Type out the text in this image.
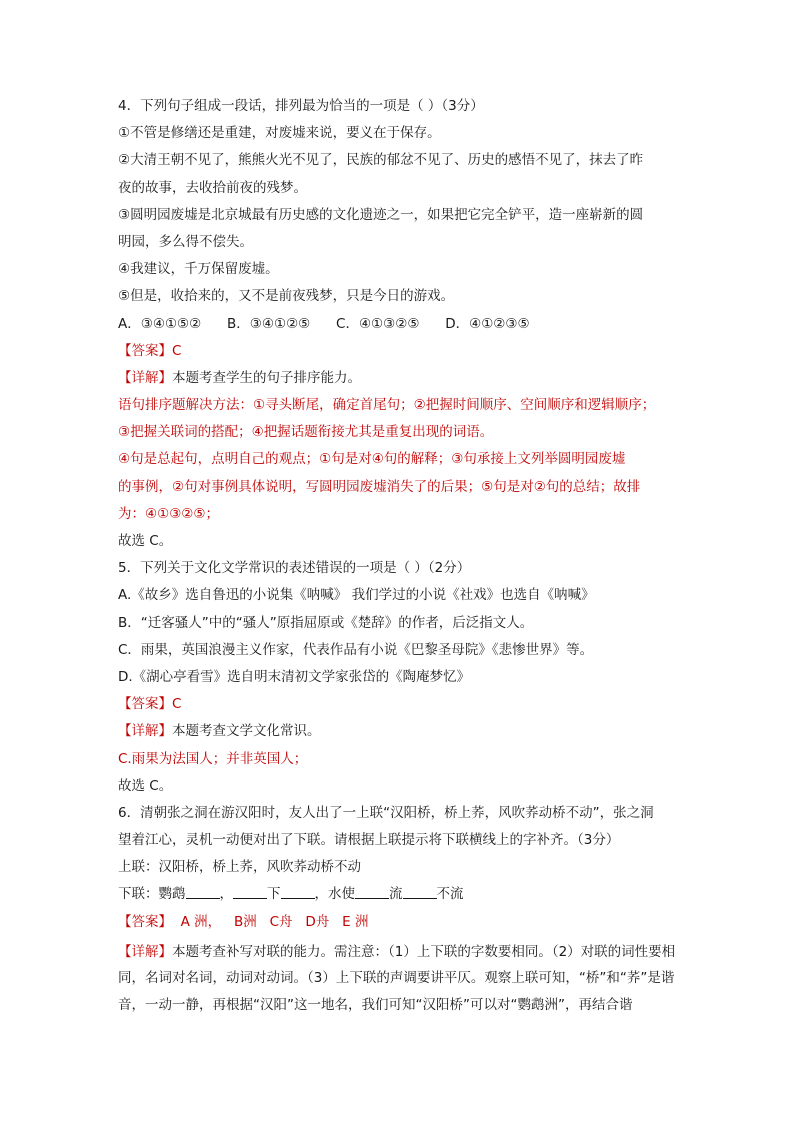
4．下列句子组成一段话，排列最为恰当的一项是（ ）（3分）

①不管是修缮还是重建，对废墟来说，要义在于保存。

②大清王朝不见了，熊熊火光不见了，民族的郁忿不见了、历史的感悟不见了，抹去了昨

夜的故事，去收拾前夜的残梦。

③圆明园废墟是北京城最有历史感的文化遗迹之一，如果把它完全铲平，造一座崭新的圆

明园，多么得不偿失。

④我建议，千万保留废墟。

⑤但是，收拾来的，又不是前夜残梦，只是今日的游戏。

A．③④①⑤②      B．③④①②⑤      C．④①③②⑤      D．④①②③⑤

【答案】C

【详解】本题考查学生的句子排序能力。

语句排序题解决方法：①寻头断尾，确定首尾句；②把握时间顺序、空间顺序和逻辑顺序；

③把握关联词的搭配；④把握话题衔接尤其是重复出现的词语。

④句是总起句，点明自己的观点；①句是对④句的解释；③句承接上文列举圆明园废墟

的事例，②句对事例具体说明，写圆明园废墟消失了的后果；⑤句是对②句的总结；故排

为：④①③②⑤；

故选 C。

5．下列关于文化文学常识的表述错误的一项是（ ）（2分）

A.《故乡》选自鲁迅的小说集《呐喊》 我们学过的小说《社戏》也选自《呐喊》

B．“迁客骚人”中的“骚人”原指屈原或《楚辞》的作者，后泛指文人。

C．雨果，英国浪漫主义作家，代表作品有小说《巴黎圣母院》《悲惨世界》等。

D.《湖心亭看雪》选自明末清初文学家张岱的《陶庵梦忆》

【答案】C

【详解】本题考查文学文化常识。

C.雨果为法国人；并非英国人；

故选 C。

6．清朝张之洞在游汉阳时，友人出了一上联“汉阳桥，桥上荞，风吹荞动桥不动”，张之洞

望着江心，灵机一动便对出了下联。请根据上联提示将下联横线上的字补齐。（3分）

上联：汉阳桥，桥上荞，风吹荞动桥不动

下联：鹦鹉	，	下	，水使	流	不流

【答案】  A 洲，   B洲   C舟   D舟   E 洲

【详解】本题考查补写对联的能力。需注意：（1）上下联的字数要相同。（2）对联的词性要相同，名词对名词，动词对动词。（3）上下联的声调要讲平仄。观察上联可知，“桥”和“荞”是谐音，一动一静，再根据“汉阳”这一地名，我们可知“汉阳桥”可以对“鹦鹉洲”，再结合谐
